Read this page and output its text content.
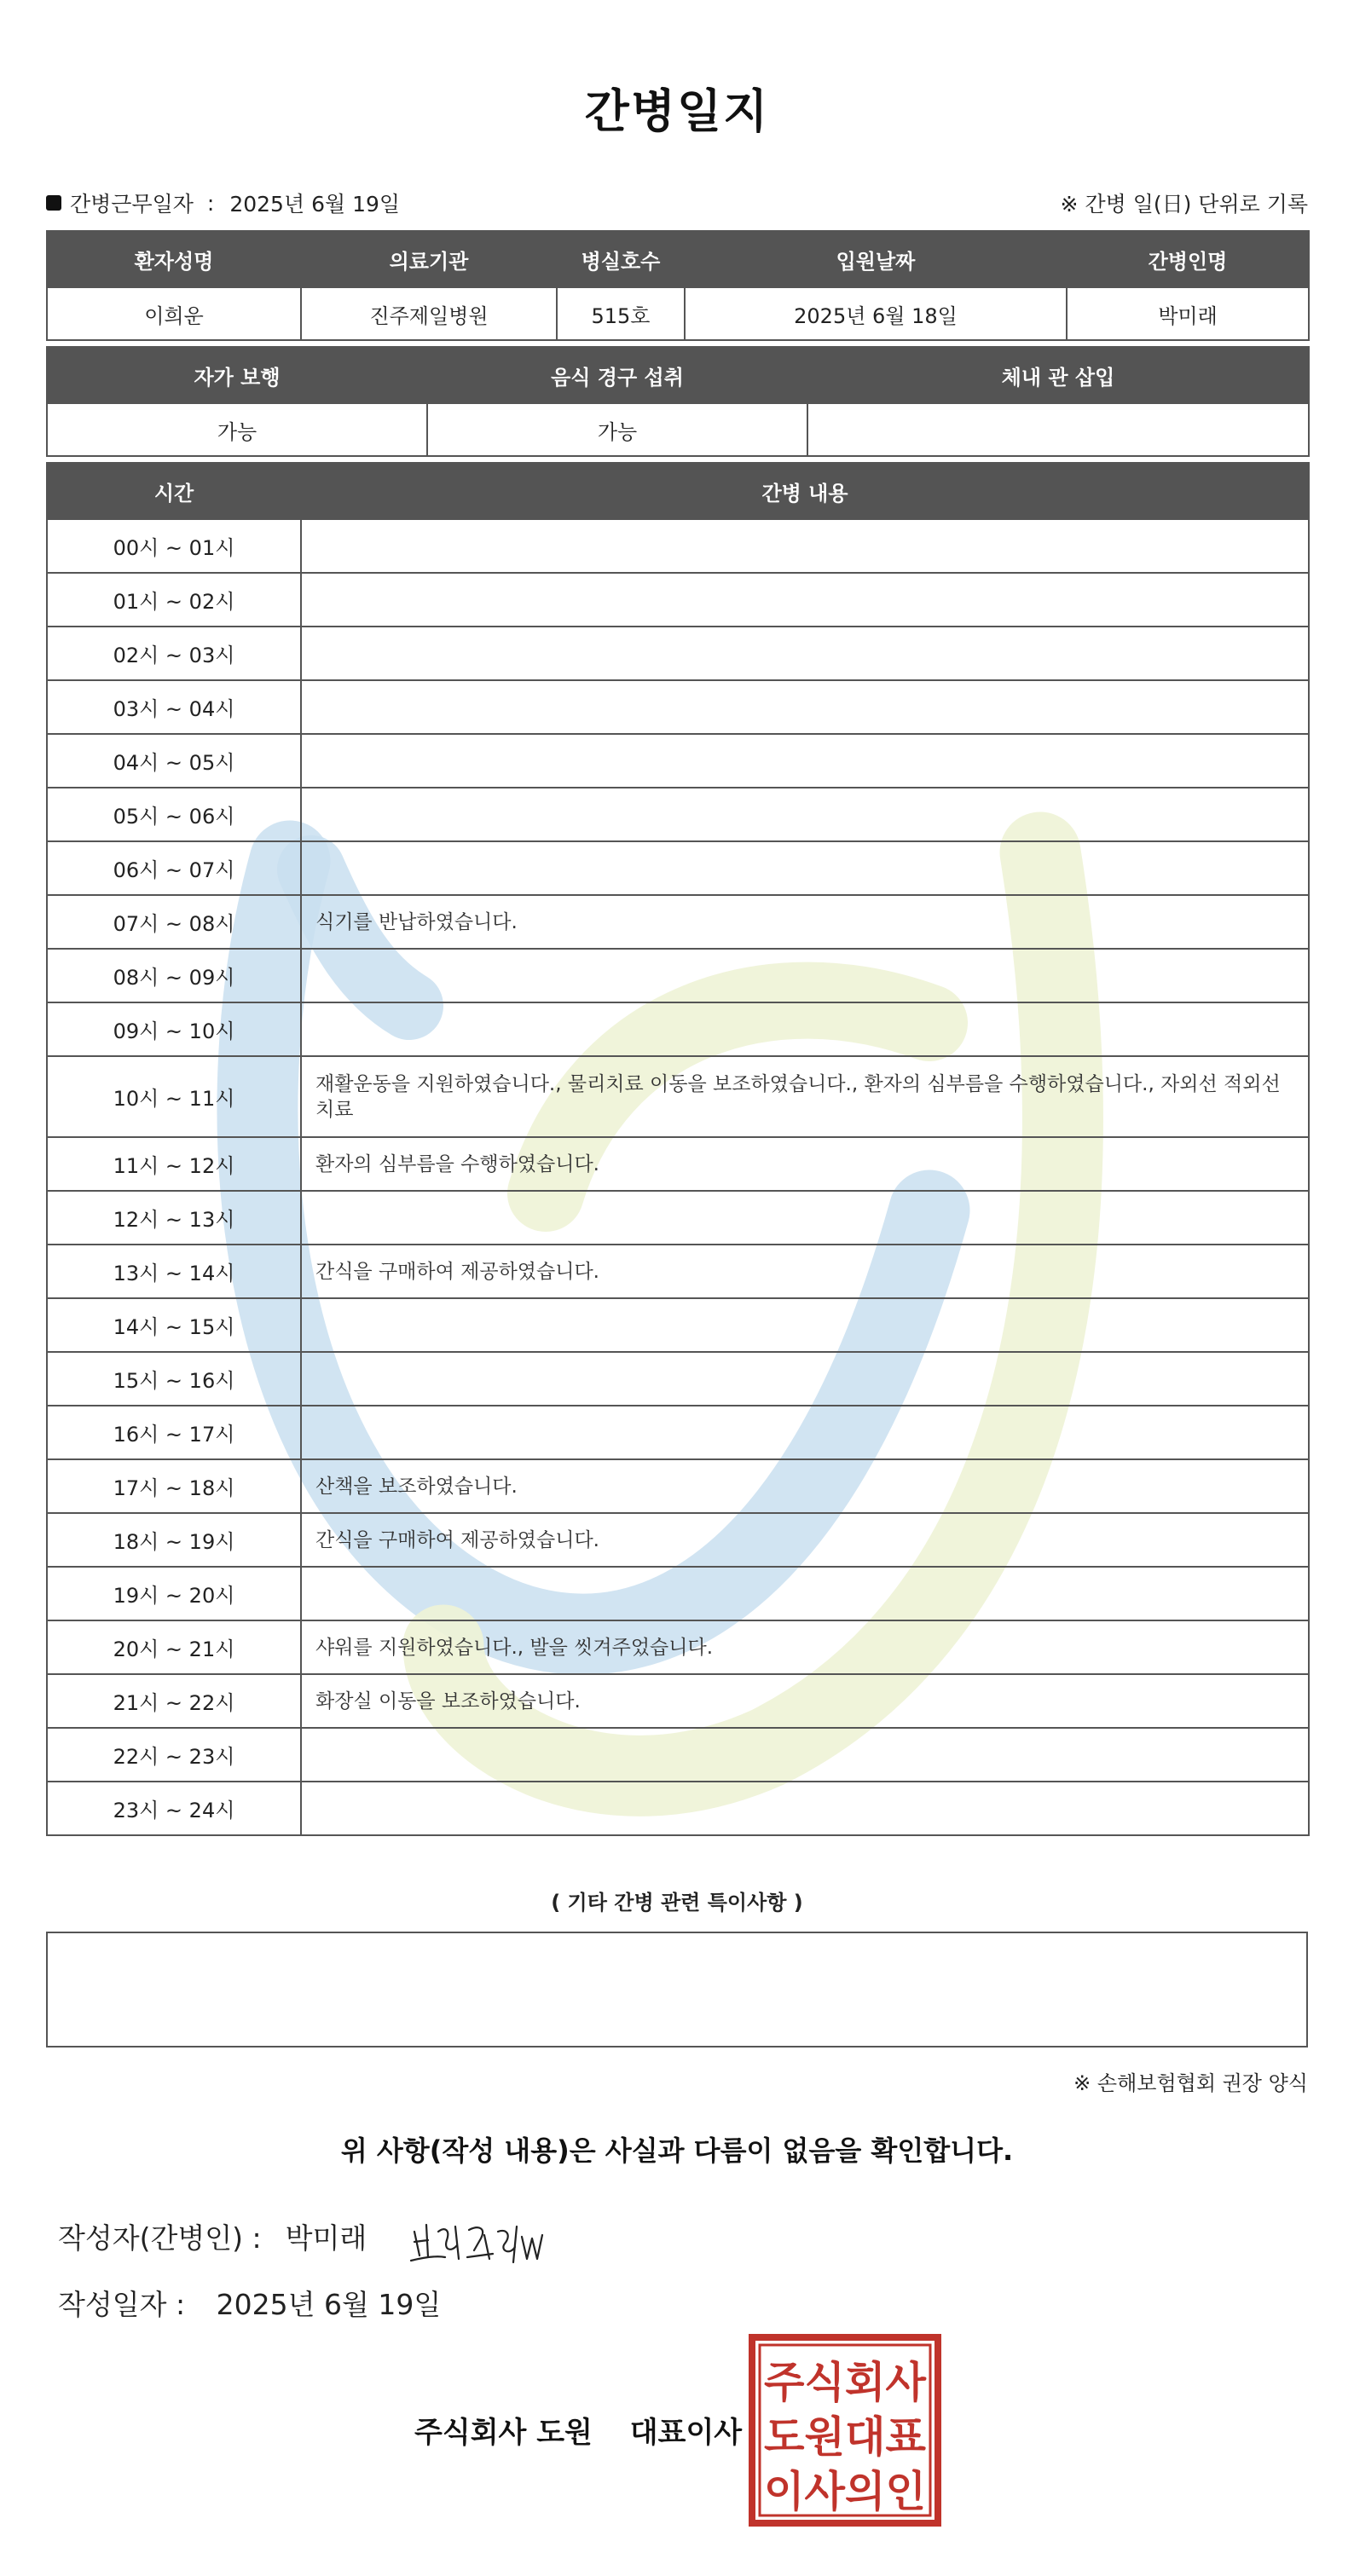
간병일지
간병근무일자 : 2025년 6월 19일	※ 간병 일(日) 단위로 기록
환자성명	의료기관	병실호수	입원날짜	간병인명
이희운	진주제일병원	515호	2025년 6월 18일	박미래
자가 보행	음식 경구 섭취	체내 관 삽입
가능	가능	
시간	간병 내용
00시 ~ 01시	
01시 ~ 02시	
02시 ~ 03시	
03시 ~ 04시	
04시 ~ 05시	
05시 ~ 06시	
06시 ~ 07시	
07시 ~ 08시	식기를 반납하였습니다.
08시 ~ 09시	
09시 ~ 10시	
10시 ~ 11시	재활운동을 지원하였습니다., 물리치료 이동을 보조하였습니다., 환자의 심부름을 수행하였습니다., 자외선 적외선 치료
11시 ~ 12시	환자의 심부름을 수행하였습니다.
12시 ~ 13시	
13시 ~ 14시	간식을 구매하여 제공하였습니다.
14시 ~ 15시	
15시 ~ 16시	
16시 ~ 17시	
17시 ~ 18시	산책을 보조하였습니다.
18시 ~ 19시	간식을 구매하여 제공하였습니다.
19시 ~ 20시	
20시 ~ 21시	샤워를 지원하였습니다., 발을 씻겨주었습니다.
21시 ~ 22시	화장실 이동을 보조하였습니다.
22시 ~ 23시	
23시 ~ 24시	
( 기타 간병 관련 특이사항 )
※ 손해보험협회 권장 양식
위 사항(작성 내용)은 사실과 다름이 없음을 확인합니다.
작성자(간병인) : 박미래
작성일자 : 2025년 6월 19일
주식회사 도원 대표이사
주식회사
도원대표
이사의인
